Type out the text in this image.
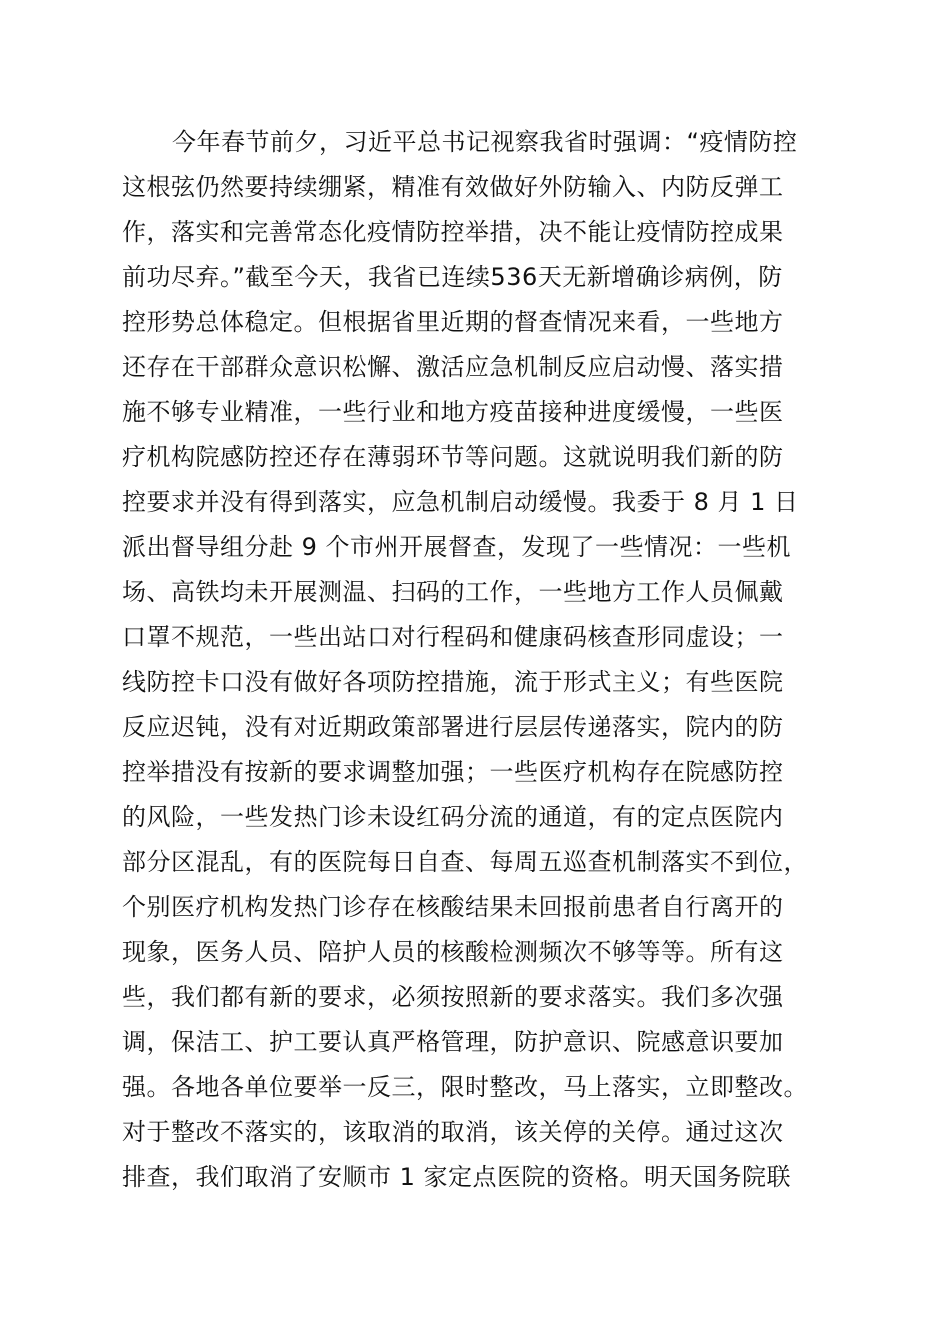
今年春节前夕，习近平总书记视察我省时强调：“疫情防控
这根弦仍然要持续绷紧，精准有效做好外防输入、内防反弹工
作，落实和完善常态化疫情防控举措，决不能让疫情防控成果
前功尽弃。”截至今天，我省已连续536天无新增确诊病例，防
控形势总体稳定。但根据省里近期的督查情况来看，一些地方
还存在干部群众意识松懈、激活应急机制反应启动慢、落实措
施不够专业精准，一些行业和地方疫苗接种进度缓慢，一些医
疗机构院感防控还存在薄弱环节等问题。这就说明我们新的防
控要求并没有得到落实，应急机制启动缓慢。我委于 8 月 1 日
派出督导组分赴 9 个市州开展督查，发现了一些情况：一些机
场、高铁均未开展测温、扫码的工作，一些地方工作人员佩戴
口罩不规范，一些出站口对行程码和健康码核查形同虚设；一
线防控卡口没有做好各项防控措施，流于形式主义；有些医院
反应迟钝，没有对近期政策部署进行层层传递落实，院内的防
控举措没有按新的要求调整加强；一些医疗机构存在院感防控
的风险，一些发热门诊未设红码分流的通道，有的定点医院内
部分区混乱，有的医院每日自查、每周五巡查机制落实不到位，
个别医疗机构发热门诊存在核酸结果未回报前患者自行离开的
现象，医务人员、陪护人员的核酸检测频次不够等等。所有这
些，我们都有新的要求，必须按照新的要求落实。我们多次强
调，保洁工、护工要认真严格管理，防护意识、院感意识要加
强。各地各单位要举一反三，限时整改，马上落实，立即整改。
对于整改不落实的，该取消的取消，该关停的关停。通过这次
排查，我们取消了安顺市 1 家定点医院的资格。明天国务院联
